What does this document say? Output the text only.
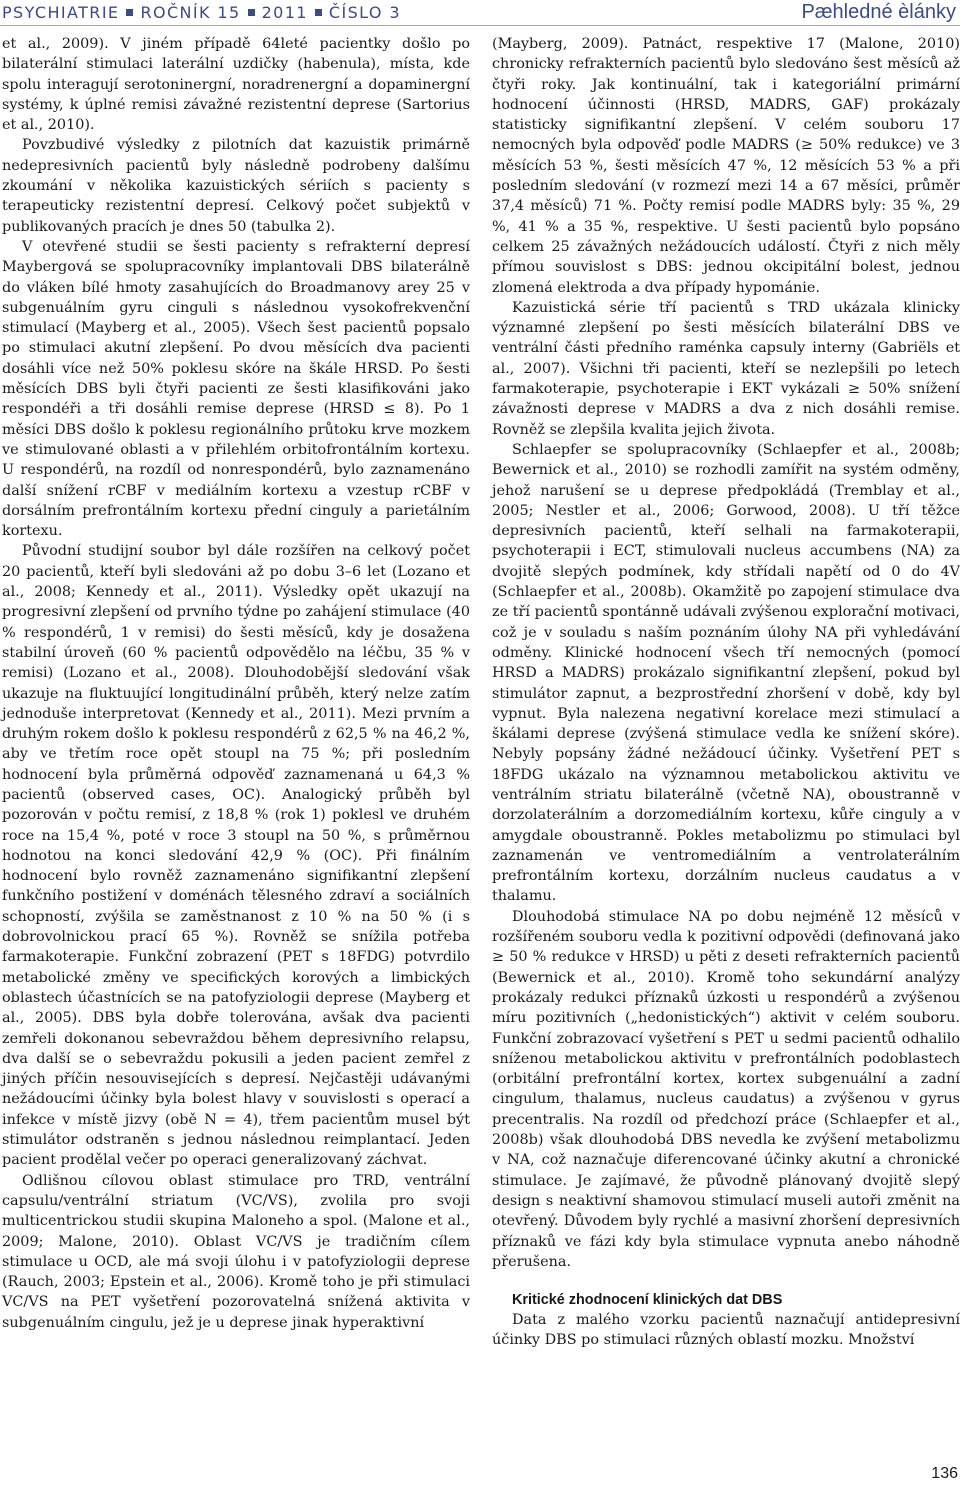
PSYCHIATRIE ROČNÍK 15 2011 ČÍSLO 3	Pæhledné èlánky

et al., 2009). V jiném případě 64leté pacientky došlo po bilaterální stimulaci laterální uzdičky (habenula), místa, kde spolu interagují serotoninergní, noradrenergní a dopaminergní systémy, k úplné remisi závažné rezistentní deprese (Sartorius et al., 2010).

Povzbudivé výsledky z pilotních dat kazuistik primárně nedepresivních pacientů byly následně podrobeny dalšímu zkoumání v několika kazuistických sériích s pacienty s terapeuticky rezistentní depresí. Celkový počet subjektů v publikovaných pracích je dnes 50 (tabulka 2).

V otevřené studii se šesti pacienty s refrakterní depresí Maybergová se spolupracovníky implantovali DBS bilaterálně do vláken bílé hmoty zasahujících do Broadmanovy arey 25 v subgenuálním gyru cinguli s následnou vysokofrekvenční stimulací (Mayberg et al., 2005). Všech šest pacientů popsalo po stimulaci akutní zlepšení. Po dvou měsících dva pacienti dosáhli více než 50% poklesu skóre na škále HRSD. Po šesti měsících DBS byli čtyři pacienti ze šesti klasifikováni jako respondéři a tři dosáhli remise deprese (HRSD ≤ 8). Po 1 měsíci DBS došlo k poklesu regionálního průtoku krve mozkem ve stimulované oblasti a v přilehlém orbitofrontálním kortexu. U respondérů, na rozdíl od nonrespondérů, bylo zaznamenáno další snížení rCBF v mediálním kortexu a vzestup rCBF v dorsálním prefrontálním kortexu přední cinguly a parietálním kortexu.

Původní studijní soubor byl dále rozšířen na celkový počet 20 pacientů, kteří byli sledováni až po dobu 3–6 let (Lozano et al., 2008; Kennedy et al., 2011). Výsledky opět ukazují na progresivní zlepšení od prvního týdne po zahájení stimulace (40 % respondérů, 1 v remisi) do šesti měsíců, kdy je dosažena stabilní úroveň (60 % pacientů odpovědělo na léčbu, 35 % v remisi) (Lozano et al., 2008). Dlouhodobější sledování však ukazuje na fluktuující longitudinální průběh, který nelze zatím jednoduše interpretovat (Kennedy et al., 2011). Mezi prvním a druhým rokem došlo k poklesu respondérů z 62,5 % na 46,2 %, aby ve třetím roce opět stoupl na 75 %; při posledním hodnocení byla průměrná odpověď zaznamenaná u 64,3 % pacientů (observed cases, OC). Analogický průběh byl pozorován v počtu remisí, z 18,8 % (rok 1) poklesl ve druhém roce na 15,4 %, poté v roce 3 stoupl na 50 %, s průměrnou hodnotou na konci sledování 42,9 % (OC). Při finálním hodnocení bylo rovněž zaznamenáno signifikantní zlepšení funkčního postižení v doménách tělesného zdraví a sociálních schopností, zvýšila se zaměstnanost z 10 % na 50 % (i s dobrovolnickou prací 65 %). Rovněž se snížila potřeba farmakoterapie. Funkční zobrazení (PET s 18FDG) potvrdilo metabolické změny ve specifických korových a limbických oblastech účastnících se na patofyziologii deprese (Mayberg et al., 2005). DBS byla dobře tolerována, avšak dva pacienti zemřeli dokonanou sebevraždou během depresivního relapsu, dva další se o sebevraždu pokusili a jeden pacient zemřel z jiných příčin nesouvisejících s depresí. Nejčastěji udávanými nežádoucími účinky byla bolest hlavy v souvislosti s operací a infekce v místě jizvy (obě N = 4), třem pacientům musel být stimulátor odstraněn s jednou následnou reimplantací. Jeden pacient prodělal večer po operaci generalizovaný záchvat.

Odlišnou cílovou oblast stimulace pro TRD, ventrální capsulu/ventrální striatum (VC/VS), zvolila pro svoji multicentrickou studii skupina Maloneho a spol. (Malone et al., 2009; Malone, 2010). Oblast VC/VS je tradičním cílem stimulace u OCD, ale má svoji úlohu i v patofyziologii deprese (Rauch, 2003; Epstein et al., 2006). Kromě toho je při stimulaci VC/VS na PET vyšetření pozorovatelná snížená aktivita v subgenuálním cingulu, jež je u deprese jinak hyperaktivní

(Mayberg, 2009). Patnáct, respektive 17 (Malone, 2010) chronicky refrakterních pacientů bylo sledováno šest měsíců až čtyři roky. Jak kontinuální, tak i kategoriální primární hodnocení účinnosti (HRSD, MADRS, GAF) prokázaly statisticky signifikantní zlepšení. V celém souboru 17 nemocných byla odpověď podle MADRS (≥ 50% redukce) ve 3 měsících 53 %, šesti měsících 47 %, 12 měsících 53 % a při posledním sledování (v rozmezí mezi 14 a 67 měsíci, průměr 37,4 měsíců) 71 %. Počty remisí podle MADRS byly: 35 %, 29 %, 41 % a 35 %, respektive. U šesti pacientů bylo popsáno celkem 25 závažných nežádoucích událostí. Čtyři z nich měly přímou souvislost s DBS: jednou okcipitální bolest, jednou zlomená elektroda a dva případy hypománie.

Kazuistická série tří pacientů s TRD ukázala klinicky významné zlepšení po šesti měsících bilaterální DBS ve ventrální části předního raménka capsuly interny (Gabriëls et al., 2007). Všichni tři pacienti, kteří se nezlepšili po letech farmakoterapie, psychoterapie i EKT vykázali ≥ 50% snížení závažnosti deprese v MADRS a dva z nich dosáhli remise. Rovněž se zlepšila kvalita jejich života.

Schlaepfer se spolupracovníky (Schlaepfer et al., 2008b; Bewernick et al., 2010) se rozhodli zamířit na systém odměny, jehož narušení se u deprese předpokládá (Tremblay et al., 2005; Nestler et al., 2006; Gorwood, 2008). U tří těžce depresivních pacientů, kteří selhali na farmakoterapii, psychoterapii i ECT, stimulovali nucleus accumbens (NA) za dvojitě slepých podmínek, kdy střídali napětí od 0 do 4V (Schlaepfer et al., 2008b). Okamžitě po zapojení stimulace dva ze tří pacientů spontánně udávali zvýšenou explorační motivaci, což je v souladu s naším poznáním úlohy NA při vyhledávání odměny. Klinické hodnocení všech tří nemocných (pomocí HRSD a MADRS) prokázalo signifikantní zlepšení, pokud byl stimulátor zapnut, a bezprostřední zhoršení v době, kdy byl vypnut. Byla nalezena negativní korelace mezi stimulací a škálami deprese (zvýšená stimulace vedla ke snížení skóre). Nebyly popsány žádné nežádoucí účinky. Vyšetření PET s 18FDG ukázalo na významnou metabolickou aktivitu ve ventrálním striatu bilaterálně (včetně NA), oboustranně v dorzolaterálním a dorzomediálním kortexu, kůře cinguly a v amygdale oboustranně. Pokles metabolizmu po stimulaci byl zaznamenán ve ventromediálním a ventrolaterálním prefrontálním kortexu, dorzálním nucleus caudatus a v thalamu.

Dlouhodobá stimulace NA po dobu nejméně 12 měsíců v rozšířeném souboru vedla k pozitivní odpovědi (definovaná jako ≥ 50 % redukce v HRSD) u pěti z deseti refrakterních pacientů (Bewernick et al., 2010). Kromě toho sekundární analýzy prokázaly redukci příznaků úzkosti u respondérů a zvýšenou míru pozitivních („hedonistických“) aktivit v celém souboru. Funkční zobrazovací vyšetření s PET u sedmi pacientů odhalilo sníženou metabolickou aktivitu v prefrontálních podoblastech (orbitální prefrontální kortex, kortex subgenuální a zadní cingulum, thalamus, nucleus caudatus) a zvýšenou v gyrus precentralis. Na rozdíl od předchozí práce (Schlaepfer et al., 2008b) však dlouhodobá DBS nevedla ke zvýšení metabolizmu v NA, což naznačuje diferencované účinky akutní a chronické stimulace. Je zajímavé, že původně plánovaný dvojitě slepý design s neaktivní shamovou stimulací museli autoři změnit na otevřený. Důvodem byly rychlé a masivní zhoršení depresivních příznaků ve fázi kdy byla stimulace vypnuta anebo náhodně přerušena.

Kritické zhodnocení klinických dat DBS

Data z malého vzorku pacientů naznačují antidepresivní účinky DBS po stimulaci různých oblastí mozku. Množství

136
